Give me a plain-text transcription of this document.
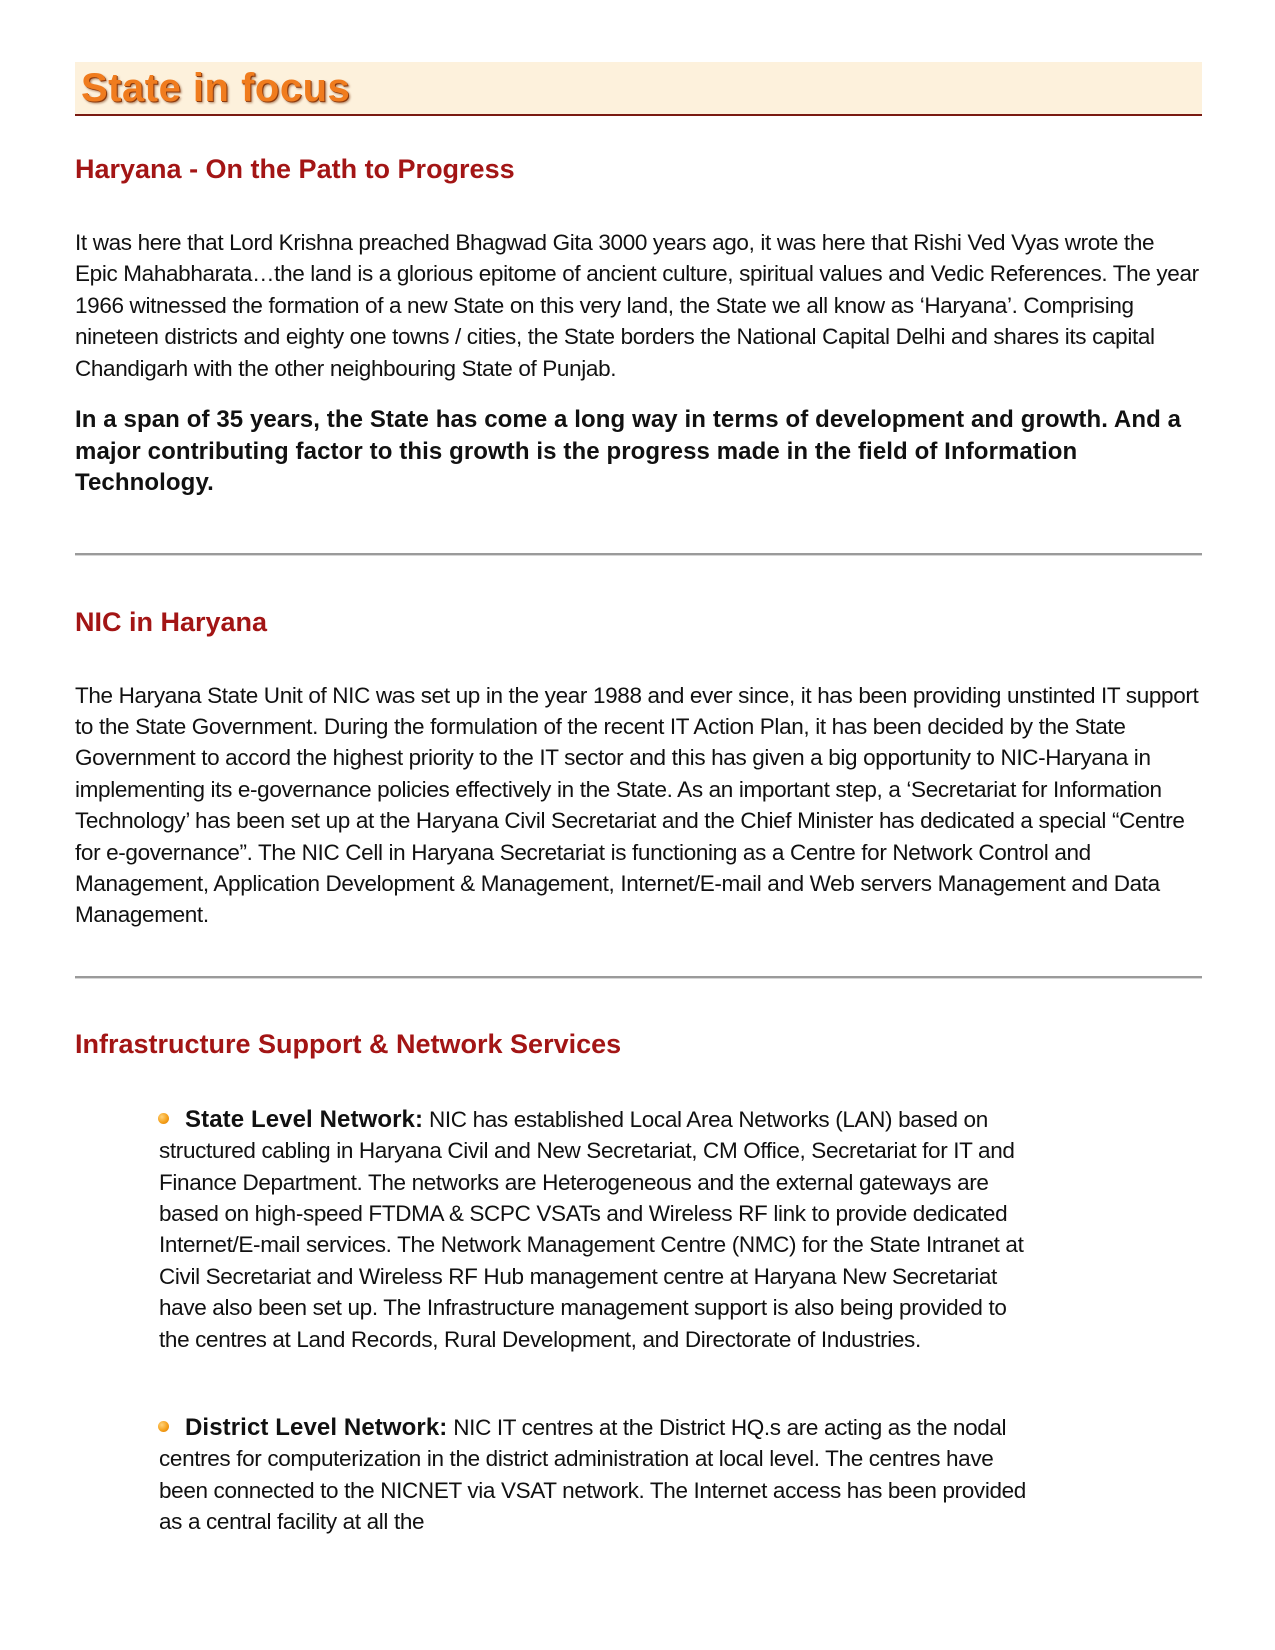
State in focus
Haryana - On the Path to Progress

It was here that Lord Krishna preached Bhagwad Gita 3000 years ago, it was here that Rishi Ved Vyas wrote the Epic Mahabharata…the land is a glorious epitome of ancient culture, spiritual values and Vedic References. The year 1966 witnessed the formation of a new State on this very land, the State we all know as ‘Haryana’. Comprising nineteen districts and eighty one towns / cities, the State borders the National Capital Delhi and shares its capital Chandigarh with the other neighbouring State of Punjab.

In a span of 35 years, the State has come a long way in terms of development and growth. And a major contributing factor to this growth is the progress made in the field of Information Technology.

NIC in Haryana

The Haryana State Unit of NIC was set up in the year 1988 and ever since, it has been providing unstinted IT support to the State Government. During the formulation of the recent IT Action Plan, it has been decided by the State Government to accord the highest priority to the IT sector and this has given a big opportunity to NIC-Haryana in implementing its e-governance policies effectively in the State. As an important step, a ‘Secretariat for Information Technology’ has been set up at the Haryana Civil Secretariat and the Chief Minister has dedicated a special “Centre for e-governance”. The NIC Cell in Haryana Secretariat is functioning as a Centre for Network Control and Management, Application Development & Management, Internet/E-mail and Web servers Management and Data Management.

Infrastructure Support & Network Services

State Level Network: NIC has established Local Area Networks (LAN) based on structured cabling in Haryana Civil and New Secretariat, CM Office, Secretariat for IT and Finance Department. The networks are Heterogeneous and the external gateways are based on high-speed FTDMA & SCPC VSATs and Wireless RF link to provide dedicated Internet/E-mail services. The Network Management Centre (NMC) for the State Intranet at Civil Secretariat and Wireless RF Hub management centre at Haryana New Secretariat have also been set up. The Infrastructure management support is also being provided to the centres at Land Records, Rural Development, and Directorate of Industries.

District Level Network: NIC IT centres at the District HQ.s are acting as the nodal centres for computerization in the district administration at local level. The centres have been connected to the NICNET via VSAT network. The Internet access has been provided as a central facility at all the
